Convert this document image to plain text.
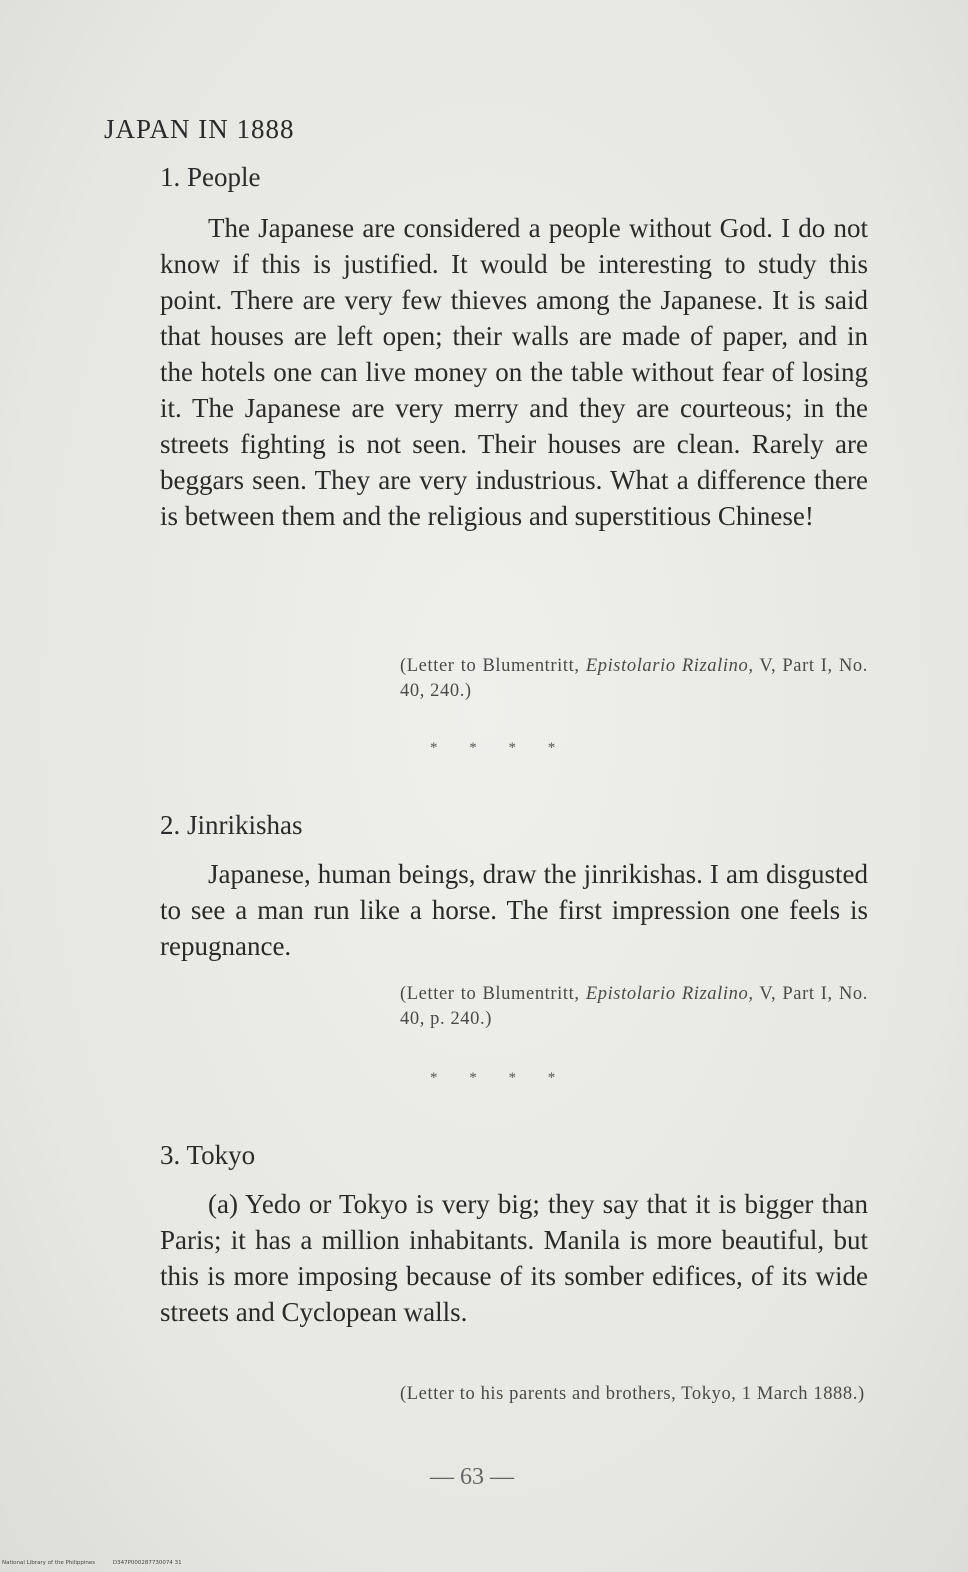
JAPAN IN 1888
1. People

The Japanese are considered a people without God. I do not know if this is justified. It would be interesting to study this point. There are very few thieves among the Japanese. It is said that houses are left open; their walls are made of paper, and in the hotels one can live money on the table without fear of losing it. The Japanese are very merry and they are courteous; in the streets fighting is not seen. Their houses are clean. Rarely are beggars seen. They are very industrious. What a difference there is between them and the religious and superstitious Chinese!

(Letter to Blumentritt, Epistolario Rizalino, V, Part I, No. 40, 240.)

* * * *
2. Jinrikishas

Japanese, human beings, draw the jinrikishas. I am disgusted to see a man run like a horse. The first impression one feels is repugnance.

(Letter to Blumentritt, Epistolario Rizalino, V, Part I, No. 40, p. 240.)

* * * *
3. Tokyo

(a) Yedo or Tokyo is very big; they say that it is bigger than Paris; it has a million inhabitants. Manila is more beautiful, but this is more imposing because of its somber edifices, of its wide streets and Cyclopean walls.

(Letter to his parents and brothers, Tokyo, 1 March 1888.)

— 63 —
National Library of the Philippines	D347P000287730074 31
